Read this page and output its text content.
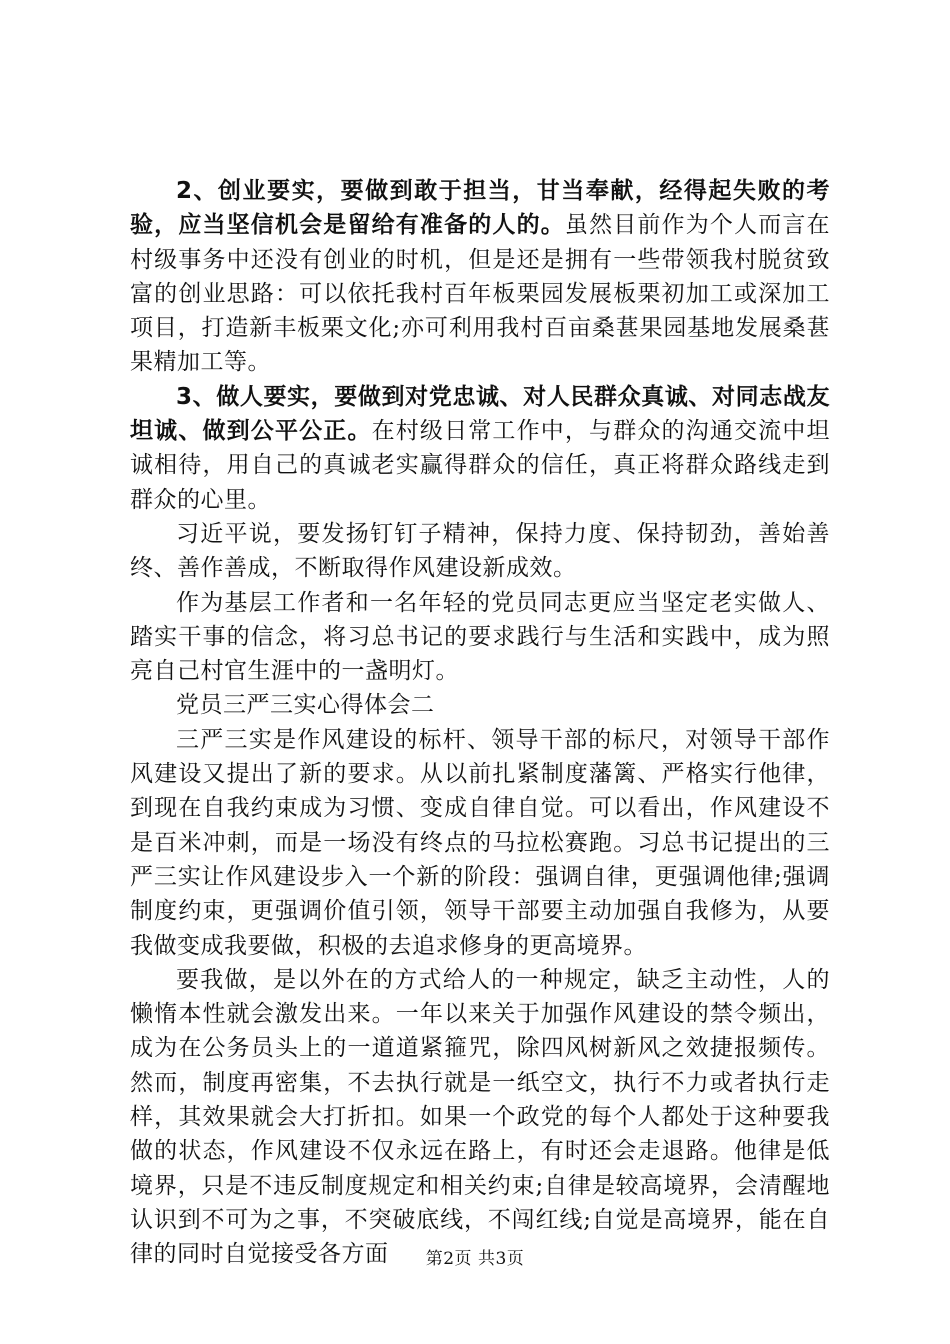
2、创业要实，要做到敢于担当，甘当奉献，经得起失败的考验，应当坚信机会是留给有准备的人的。虽然目前作为个人而言在村级事务中还没有创业的时机，但是还是拥有一些带领我村脱贫致富的创业思路：可以依托我村百年板栗园发展板栗初加工或深加工项目，打造新丰板栗文化;亦可利用我村百亩桑葚果园基地发展桑葚果精加工等。

3、做人要实，要做到对党忠诚、对人民群众真诚、对同志战友坦诚、做到公平公正。在村级日常工作中，与群众的沟通交流中坦诚相待，用自己的真诚老实赢得群众的信任，真正将群众路线走到群众的心里。

习近平说，要发扬钉钉子精神，保持力度、保持韧劲，善始善终、善作善成，不断取得作风建设新成效。

作为基层工作者和一名年轻的党员同志更应当坚定老实做人、踏实干事的信念，将习总书记的要求践行与生活和实践中，成为照亮自己村官生涯中的一盏明灯。

党员三严三实心得体会二

三严三实是作风建设的标杆、领导干部的标尺，对领导干部作风建设又提出了新的要求。从以前扎紧制度藩篱、严格实行他律，到现在自我约束成为习惯、变成自律自觉。可以看出，作风建设不是百米冲刺，而是一场没有终点的马拉松赛跑。习总书记提出的三严三实让作风建设步入一个新的阶段：强调自律，更强调他律;强调制度约束，更强调价值引领，领导干部要主动加强自我修为，从要我做变成我要做，积极的去追求修身的更高境界。

要我做，是以外在的方式给人的一种规定，缺乏主动性，人的懒惰本性就会激发出来。一年以来关于加强作风建设的禁令频出，成为在公务员头上的一道道紧箍咒，除四风树新风之效捷报频传。然而，制度再密集，不去执行就是一纸空文，执行不力或者执行走样，其效果就会大打折扣。如果一个政党的每个人都处于这种要我做的状态，作风建设不仅永远在路上，有时还会走退路。他律是低境界，只是不违反制度规定和相关约束;自律是较高境界，会清醒地认识到不可为之事，不突破底线，不闯红线;自觉是高境界，能在自律的同时自觉接受各方面	第2页 共3页
